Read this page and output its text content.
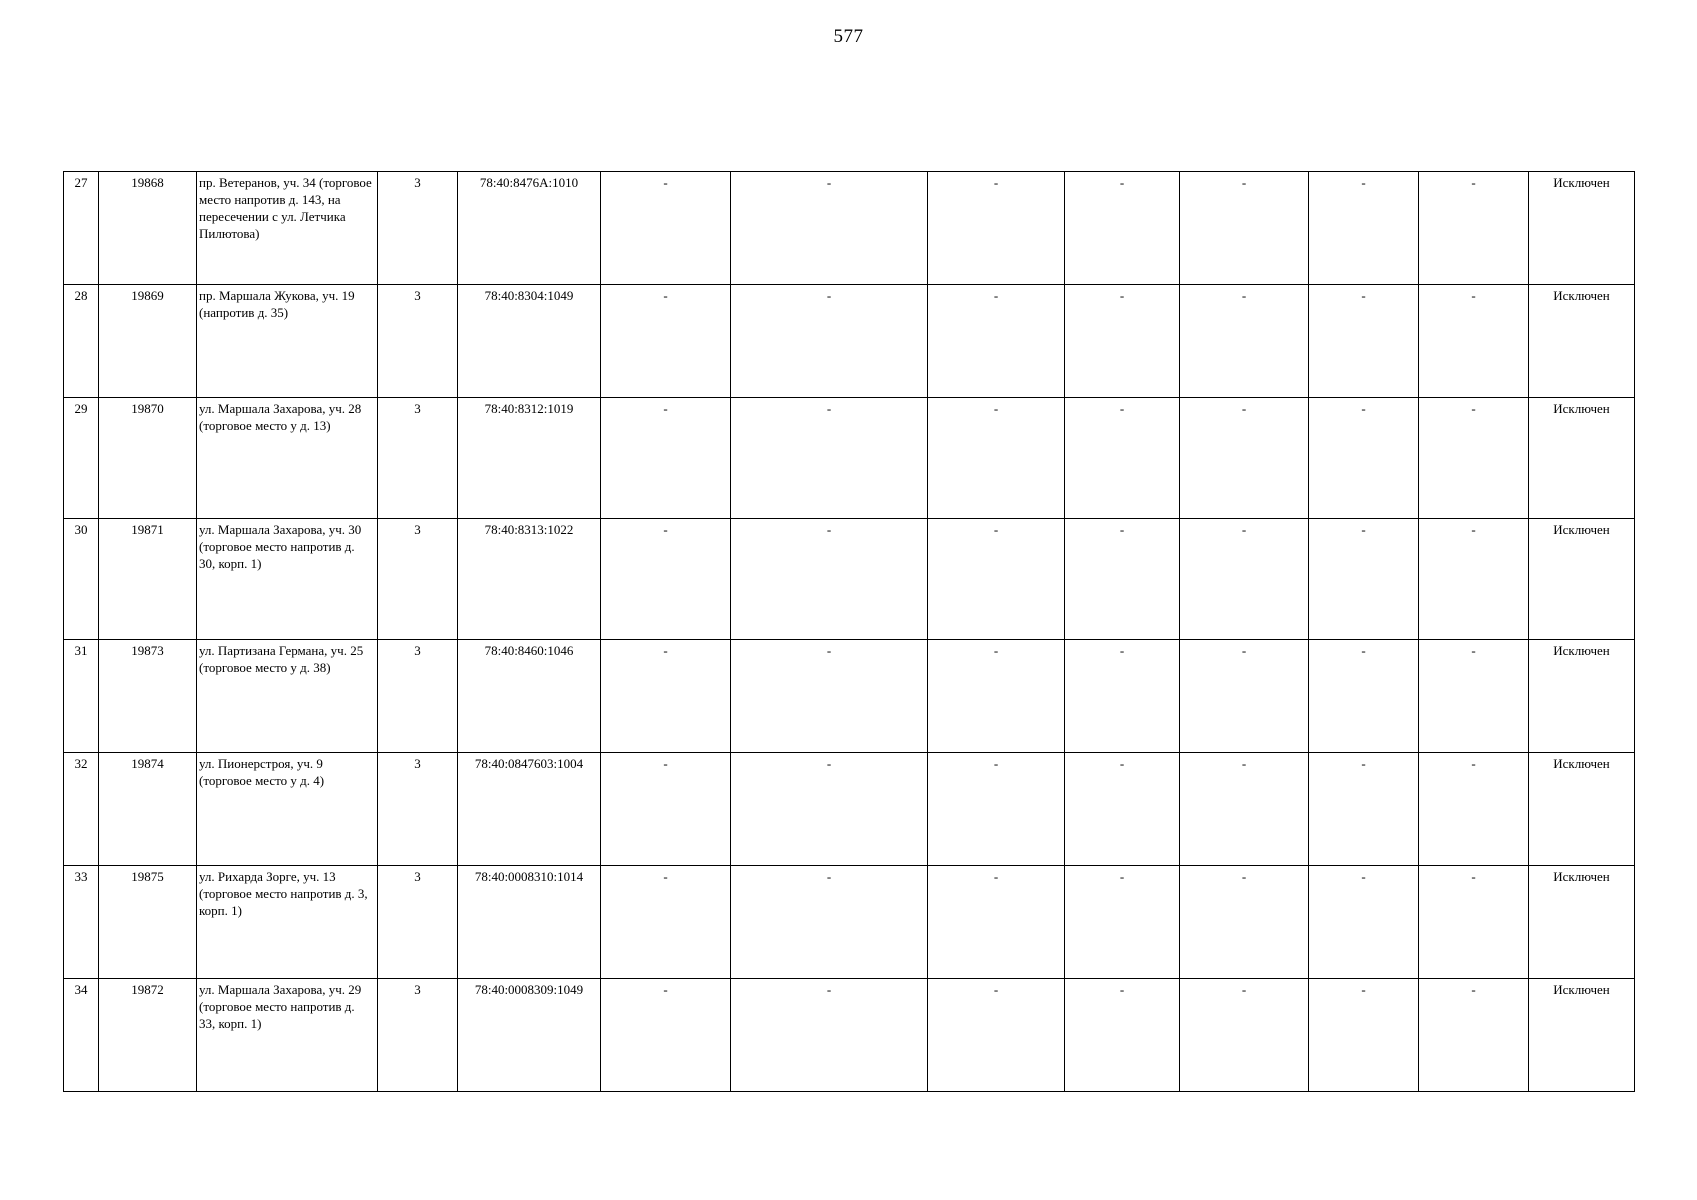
577
27	19868	пр. Ветеранов, уч. 34 (торговое место напротив д. 143, на пересечении с ул. Летчика Пилютова)	3	78:40:8476А:1010	-	-	-	-	-	-	-	Исключен
28	19869	пр. Маршала Жукова, уч. 19 (напротив д. 35)	3	78:40:8304:1049	-	-	-	-	-	-	-	Исключен
29	19870	ул. Маршала Захарова, уч. 28 (торговое место у д. 13)	3	78:40:8312:1019	-	-	-	-	-	-	-	Исключен
30	19871	ул. Маршала Захарова, уч. 30 (торговое место напротив д. 30, корп. 1)	3	78:40:8313:1022	-	-	-	-	-	-	-	Исключен
31	19873	ул. Партизана Германа, уч. 25 (торговое место у д. 38)	3	78:40:8460:1046	-	-	-	-	-	-	-	Исключен
32	19874	ул. Пионерстроя, уч. 9 (торговое место у д. 4)	3	78:40:0847603:1004	-	-	-	-	-	-	-	Исключен
33	19875	ул. Рихарда Зорге, уч. 13 (торговое место напротив д. 3, корп. 1)	3	78:40:0008310:1014	-	-	-	-	-	-	-	Исключен
34	19872	ул. Маршала Захарова, уч. 29 (торговое место напротив д. 33, корп. 1)	3	78:40:0008309:1049	-	-	-	-	-	-	-	Исключен
